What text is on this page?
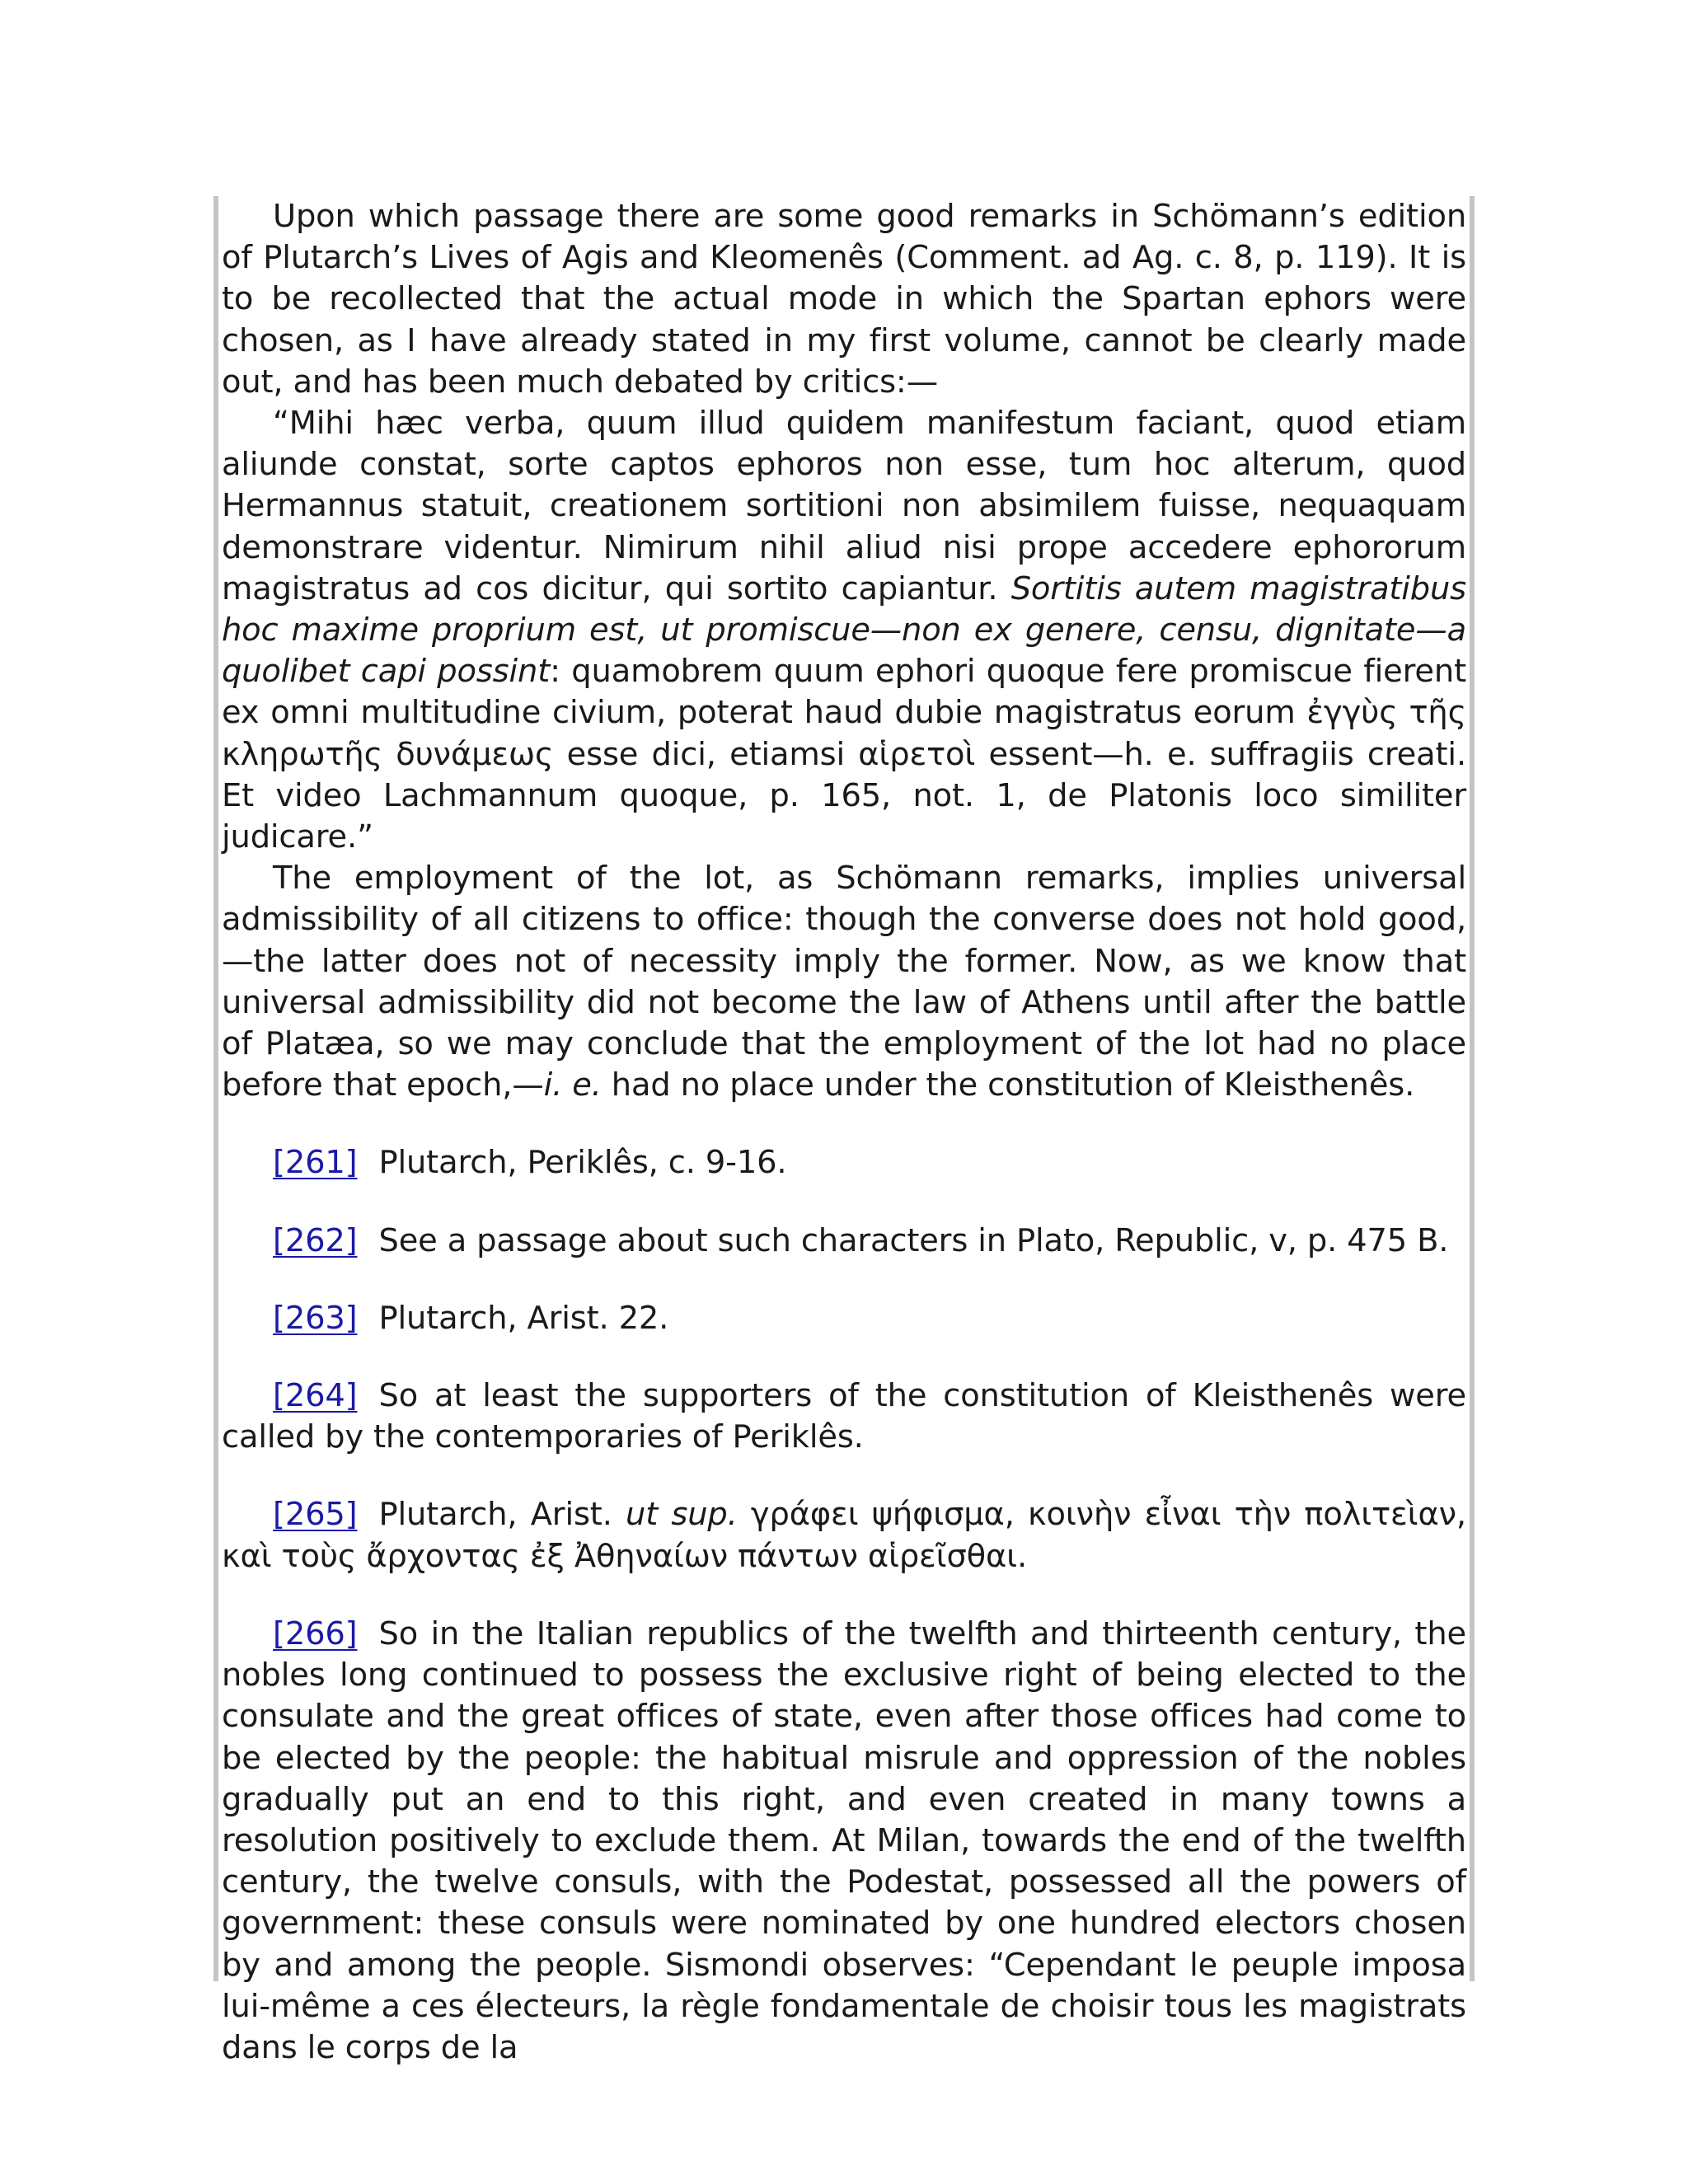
Upon which passage there are some good remarks in Schömann’s edition of Plutarch’s Lives of Agis and Kleomenês (Comment. ad Ag. c. 8, p. 119). It is to be recollected that the actual mode in which the Spartan ephors were chosen, as I have already stated in my first volume, cannot be clearly made out, and has been much debated by critics:—

“Mihi hæc verba, quum illud quidem manifestum faciant, quod etiam aliunde constat, sorte captos ephoros non esse, tum hoc alterum, quod Hermannus statuit, creationem sortitioni non absimilem fuisse, nequaquam demonstrare videntur. Nimirum nihil aliud nisi prope accedere ephororum magistratus ad cos dicitur, qui sortito capiantur. Sortitis autem magistratibus hoc maxime proprium est, ut promiscue—non ex genere, censu, dignitate—a quolibet capi possint: quamobrem quum ephori quoque fere promiscue fierent ex omni multitudine civium, poterat haud dubie magistratus eorum ἐγγὺς τῆς κληρωτῆς δυνάμεως esse dici, etiamsi αἱρετοὶ essent—h. e. suffragiis creati. Et video Lachmannum quoque, p. 165, not. 1, de Platonis loco similiter judicare.”

The employment of the lot, as Schömann remarks, implies universal admissibility of all citizens to office: though the converse does not hold good,—the latter does not of necessity imply the former. Now, as we know that universal admissibility did not become the law of Athens until after the battle of Platæa, so we may conclude that the employment of the lot had no place before that epoch,—i. e. had no place under the constitution of Kleisthenês.

[261] Plutarch, Periklês, c. 9-16.

[262] See a passage about such characters in Plato, Republic, v, p. 475 B.

[263] Plutarch, Arist. 22.

[264] So at least the supporters of the constitution of Kleisthenês were called by the contemporaries of Periklês.

[265] Plutarch, Arist. ut sup. γράφει ψήφισμα, κοινὴν εἶναι τὴν πολιτεὶαν, καὶ τοὺς ἄρχοντας ἐξ Ἀθηναίων πάντων αἱρεῖσθαι.

[266] So in the Italian republics of the twelfth and thirteenth century, the nobles long continued to possess the exclusive right of being elected to the consulate and the great offices of state, even after those offices had come to be elected by the people: the habitual misrule and oppression of the nobles gradually put an end to this right, and even created in many towns a resolution positively to exclude them. At Milan, towards the end of the twelfth century, the twelve consuls, with the Podestat, possessed all the powers of government: these consuls were nominated by one hundred electors chosen by and among the people. Sismondi observes: “Cependant le peuple imposa lui-même a ces électeurs, la règle fondamentale de choisir tous les magistrats dans le corps de la
